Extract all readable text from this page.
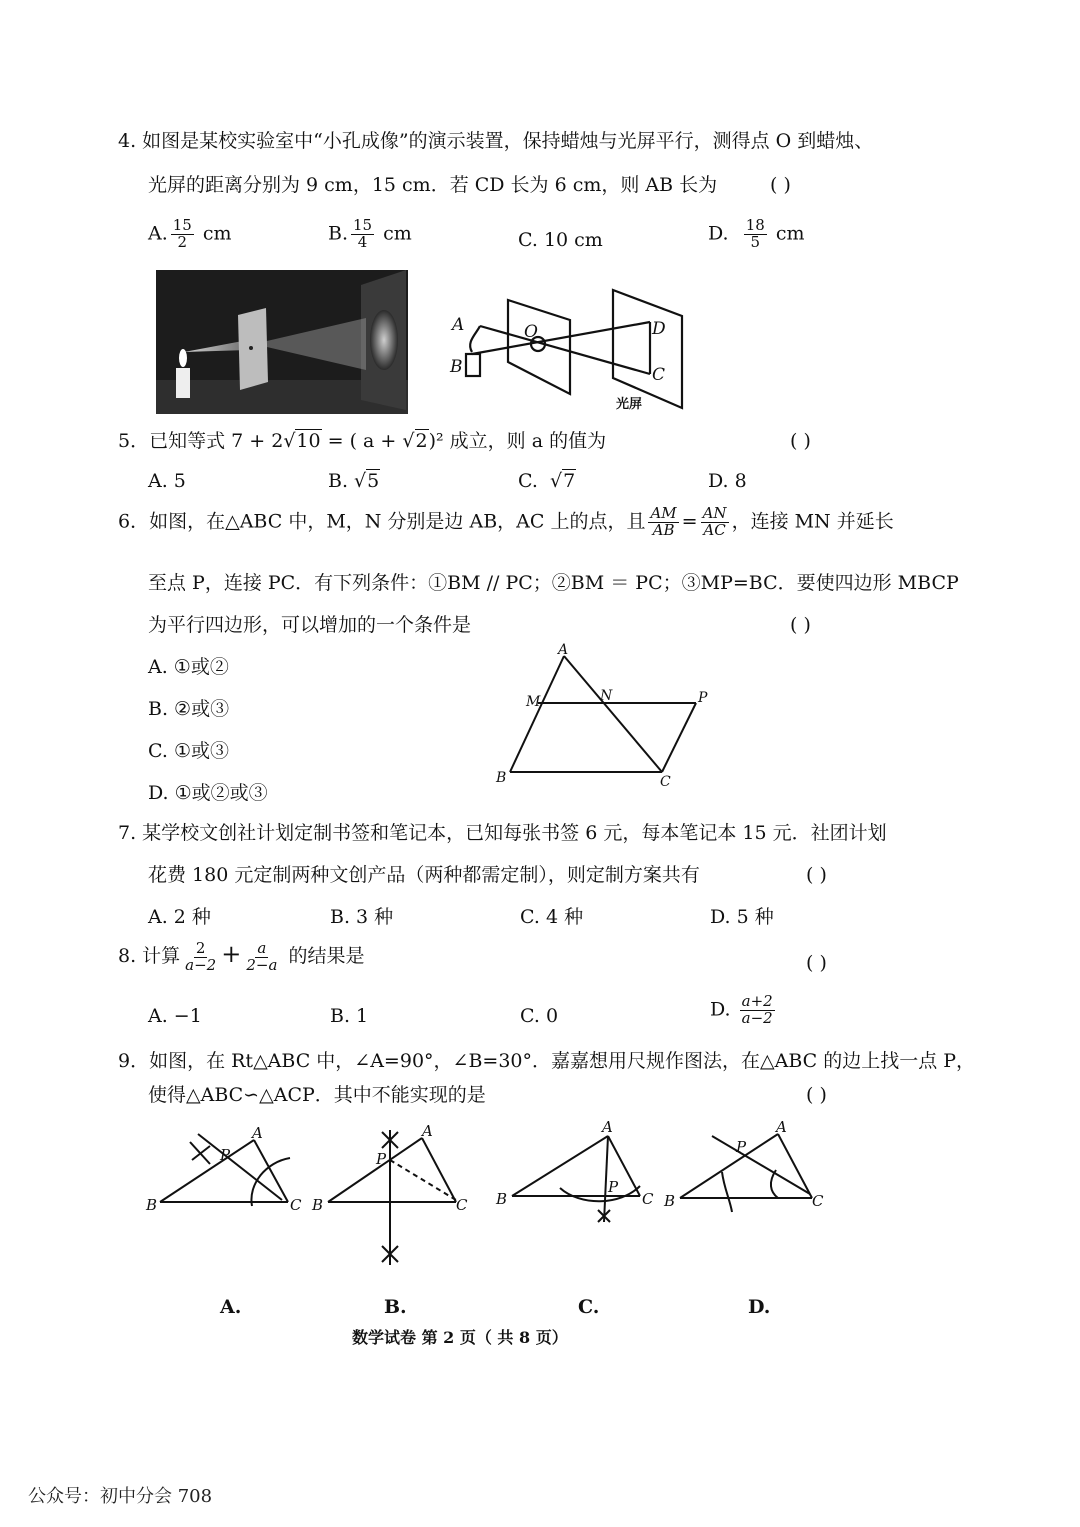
4. 如图是某校实验室中“小孔成像”的演示装置，保持蜡烛与光屏平行，测得点 O 到蜡烛、
光屏的距离分别为 9 cm，15 cm．若 CD 长为 6 cm，则 AB 长为	( )
A. $\frac{15}{2}$ cm	B. $\frac{15}{4}$ cm	C. 10 cm	D. $\frac{18}{5}$ cm
A
B
O	D
C
光屏
5．已知等式 7 + 2√10 = ( a + √2)² 成立，则 a 的值为	( )
A. 5	B. √5	C.  √7	D. 8
6．如图，在△ABC 中，M，N 分别是边 AB，AC 上的点，且 $\frac{AM}{AB} = \frac{AN}{AC}$ ，连接 MN 并延长
至点 P，连接 PC．有下列条件：①BM // PC；②BM ＝ PC；③MP=BC．要使四边形 MBCP
为平行四边形，可以增加的一个条件是	( )
A. ①或②
B. ②或③
C. ①或③
D. ①或②或③
A
M	N	P
B	C
7. 某学校文创社计划定制书签和笔记本，已知每张书签 6 元，每本笔记本 15 元．社团计划
花费 180 元定制两种文创产品（两种都需定制），则定制方案共有	( )
A. 2 种	B. 3 种	C. 4 种	D. 5 种
8. 计算 $\frac{2}{a-2} + \frac{a}{2-a}$ 的结果是	( )
A. −1	B. 1	C. 0	D. $\frac{a+2}{a-2}$
9．如图，在 Rt△ABC 中，∠A=90°，∠B=30°．嘉嘉想用尺规作图法，在△ABC 的边上找一点 P，
使得△ABC∽△ACP．其中不能实现的是	( )
B	C
A
P
B	C
A
P
B	C
A
P
B	C
A
P
A.	B.	C.	D.
数学试卷 第 2 页（ 共 8 页）
公众号：初中分会 708
